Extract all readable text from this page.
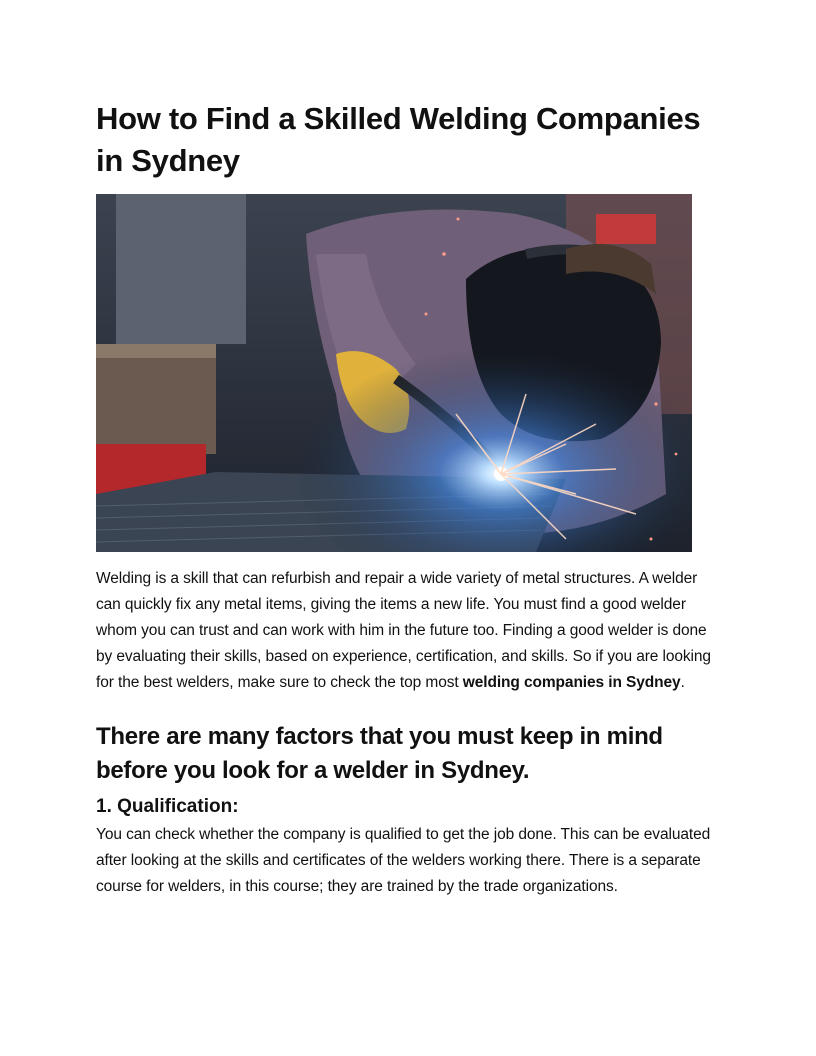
How to Find a Skilled Welding Companies in Sydney

Welding is a skill that can refurbish and repair a wide variety of metal structures. A welder can quickly fix any metal items, giving the items a new life. You must find a good welder whom you can trust and can work with him in the future too. Finding a good welder is done by evaluating their skills, based on experience, certification, and skills. So if you are looking for the best welders, make sure to check the top most welding companies in Sydney.

There are many factors that you must keep in mind before you look for a welder in Sydney.
1. Qualification:

You can check whether the company is qualified to get the job done. This can be evaluated after looking at the skills and certificates of the welders working there. There is a separate course for welders, in this course; they are trained by the trade organizations.
